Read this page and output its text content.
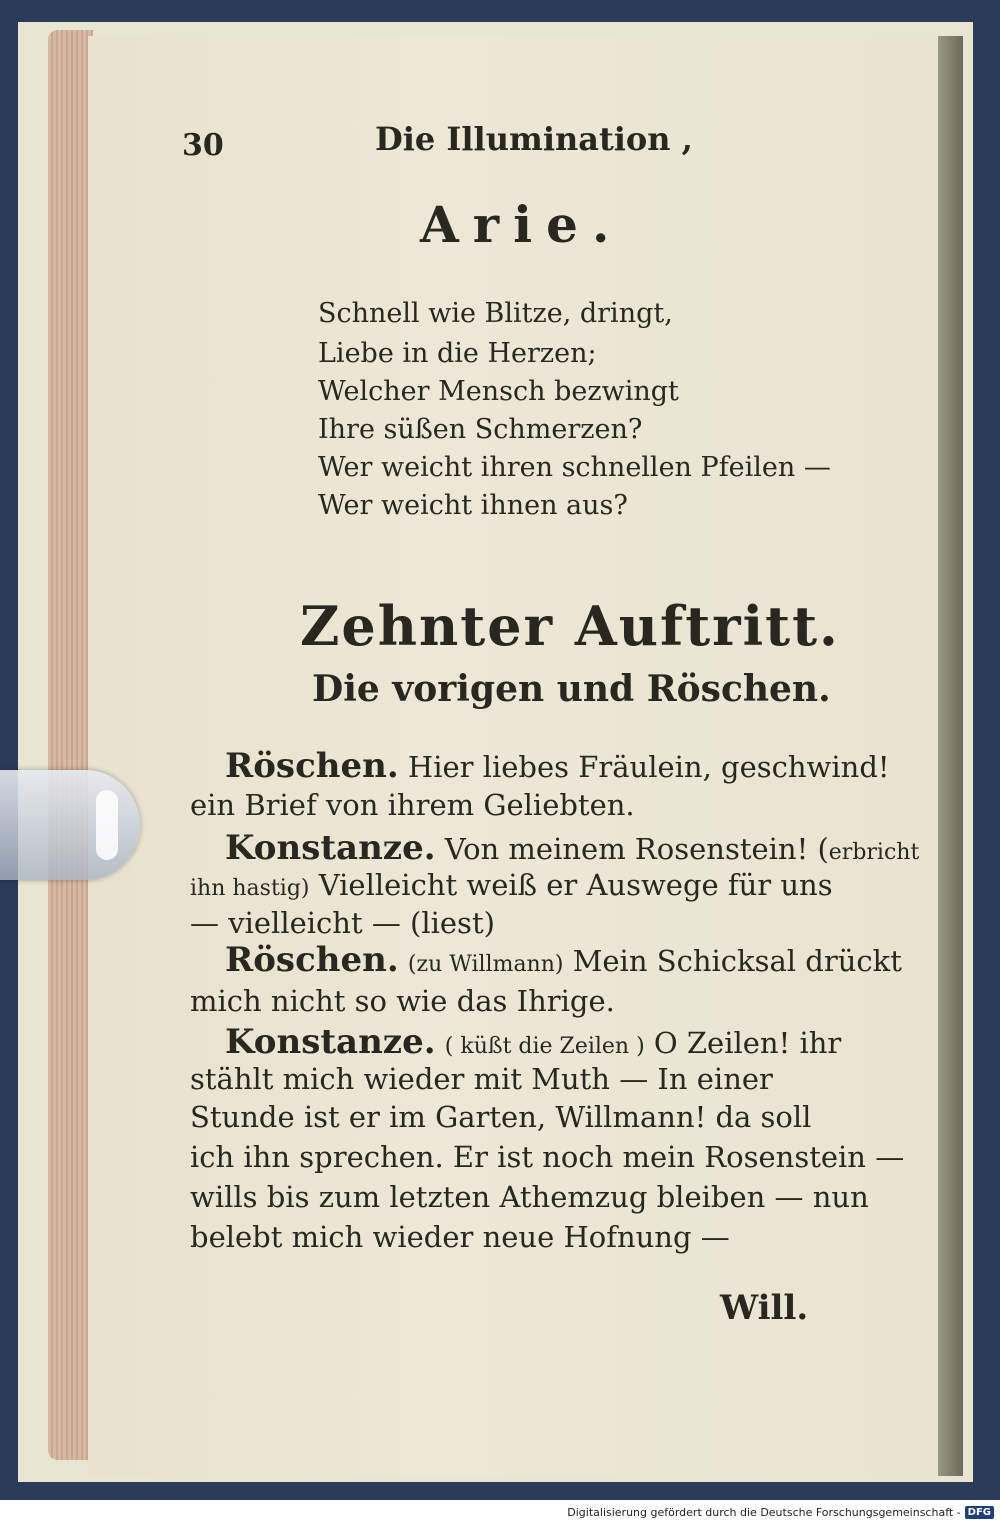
30	Die Illumination ,
Arie.
Schnell wie Blitze, dringt,
Liebe in die Herzen;
Welcher Mensch bezwingt
Ihre süßen Schmerzen?
Wer weicht ihren schnellen Pfeilen —
Wer weicht ihnen aus?
Zehnter Auftritt.
Die vorigen und Röschen.
Röschen. Hier liebes Fräulein, geschwind!
ein Brief von ihrem Geliebten.
Konstanze. Von meinem Rosenstein! (erbricht
ihn hastig) Vielleicht weiß er Auswege für uns
— vielleicht — (liest)
Röschen. (zu Willmann) Mein Schicksal drückt
mich nicht so wie das Ihrige.
Konstanze. ( küßt die Zeilen ) O Zeilen! ihr
stählt mich wieder mit Muth — In einer
Stunde ist er im Garten, Willmann! da soll
ich ihn sprechen. Er ist noch mein Rosenstein —
wills bis zum letzten Athemzug bleiben — nun
belebt mich wieder neue Hofnung —
Will.
Digitalisierung gefördert durch die Deutsche Forschungsgemeinschaft - DFG
